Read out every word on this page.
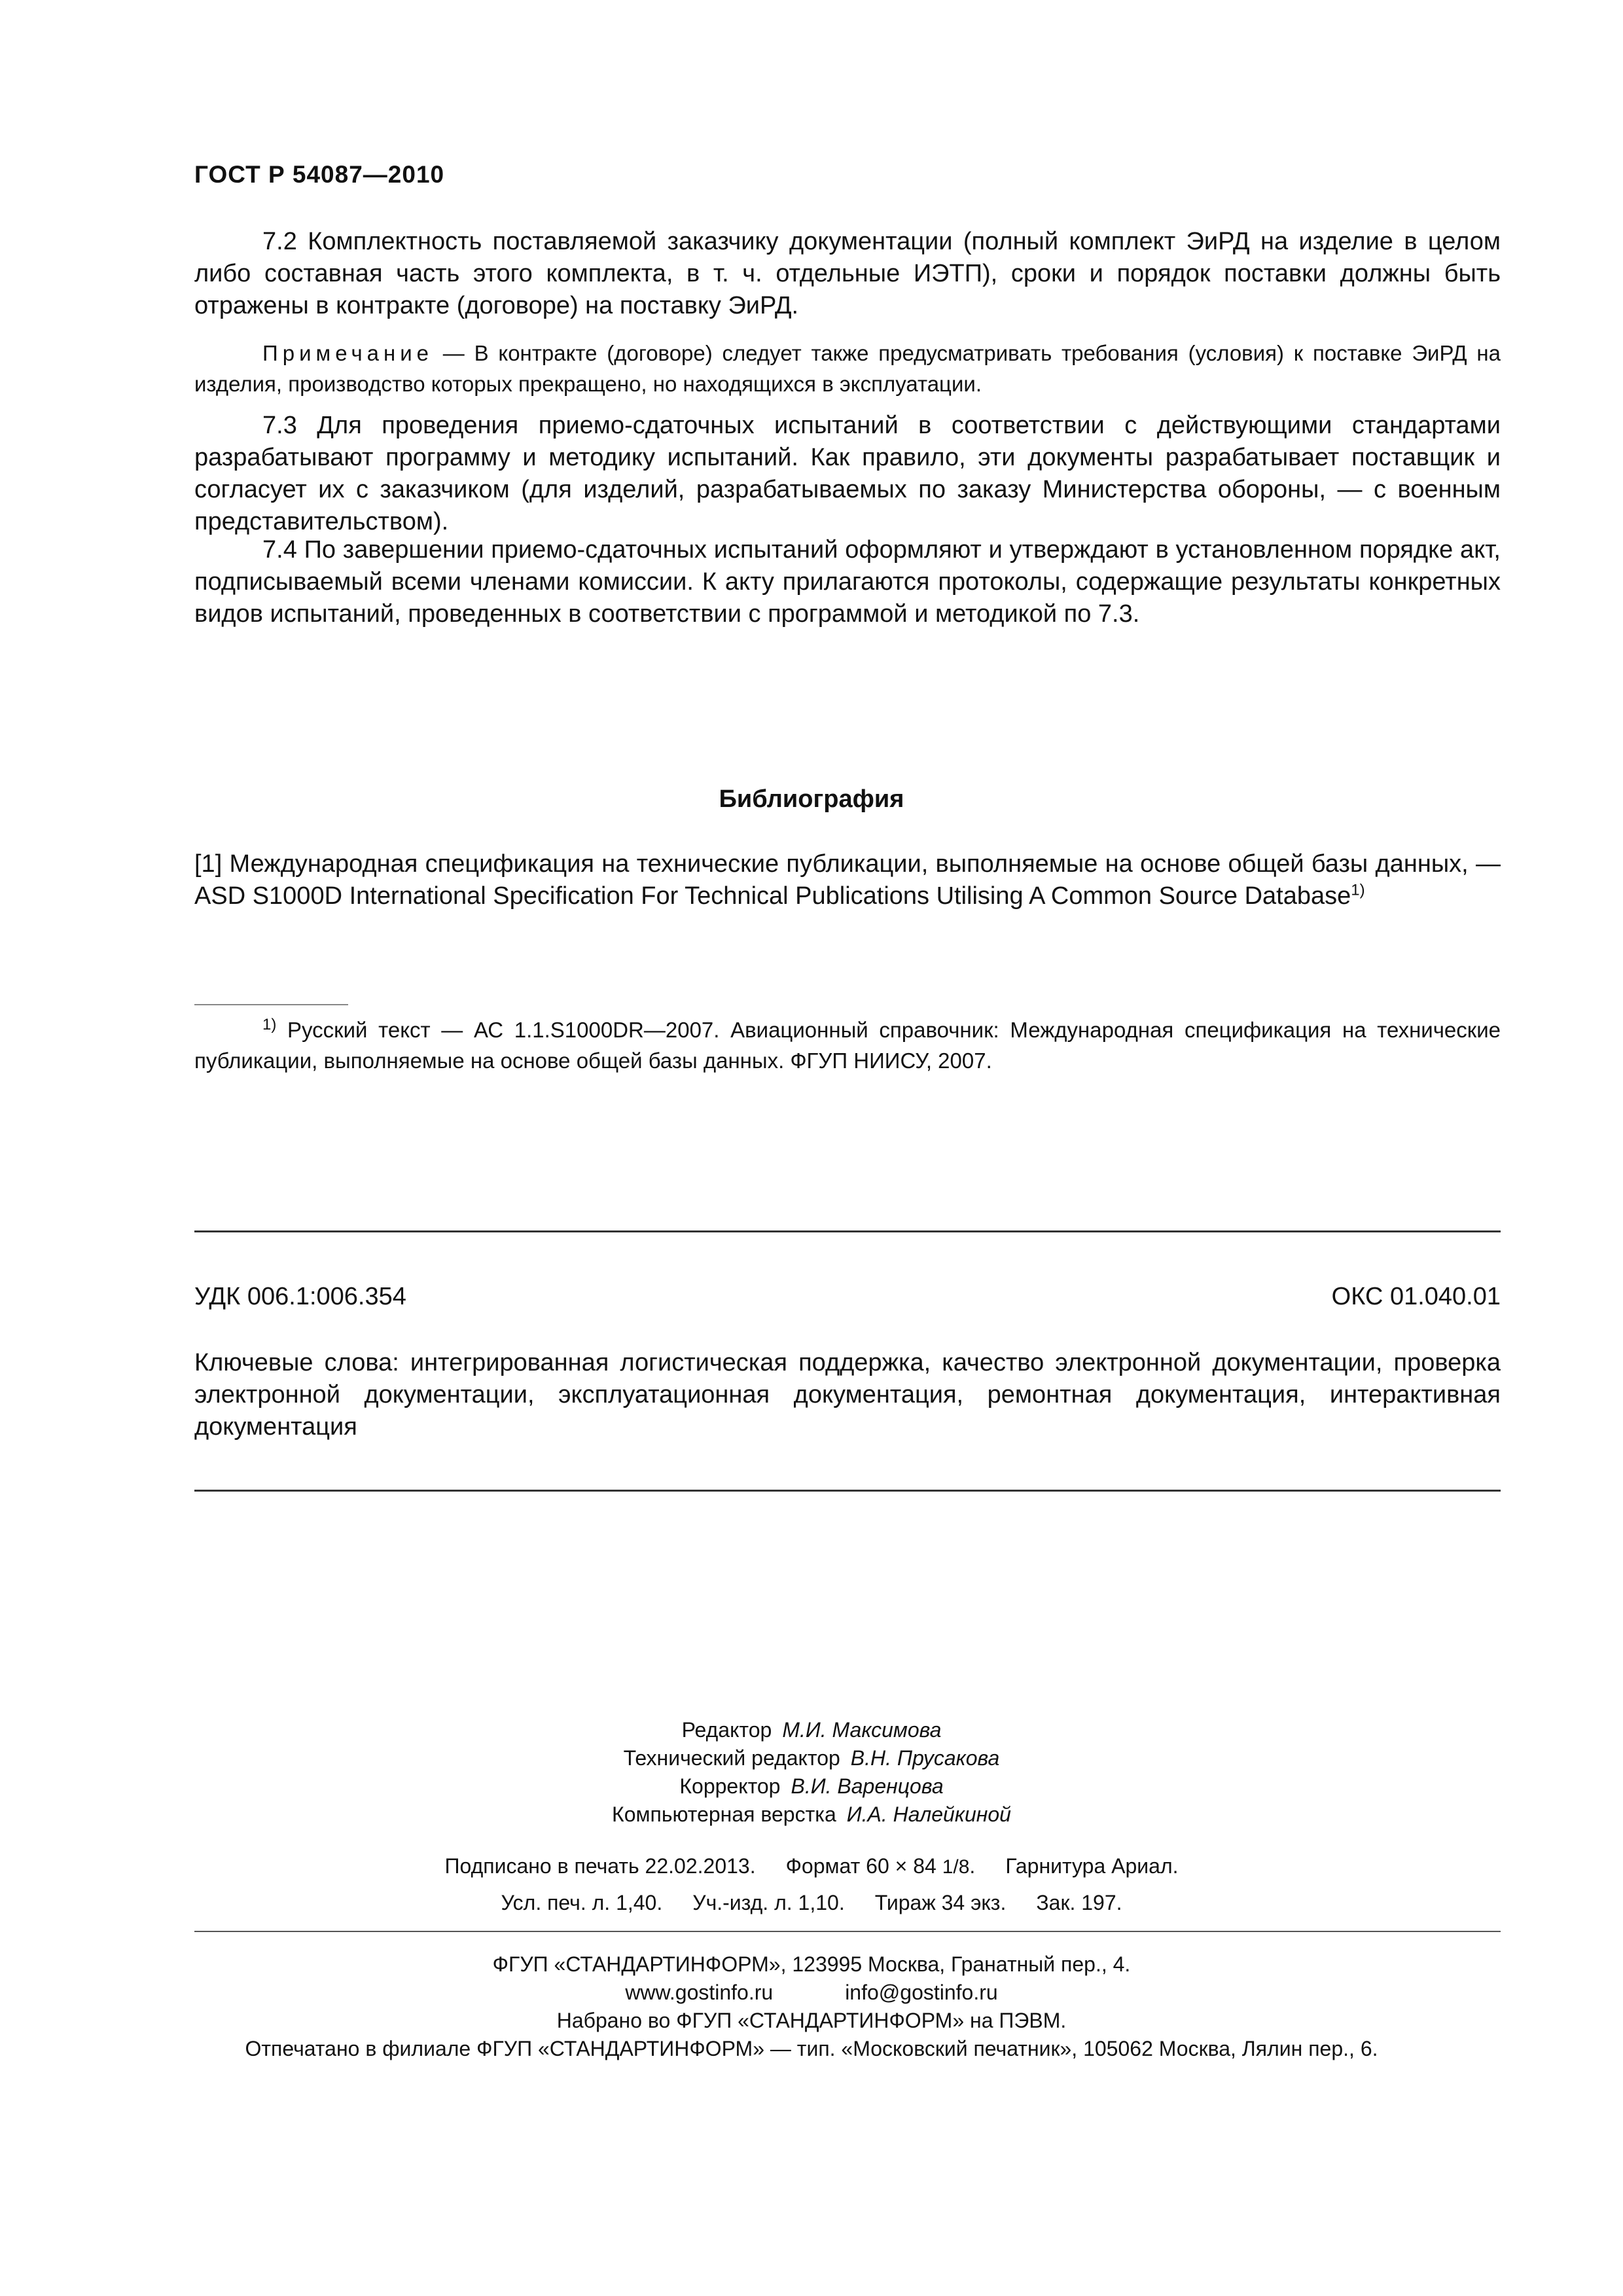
ГОСТ Р 54087—2010

7.2 Комплектность поставляемой заказчику документации (полный комплект ЭиРД на изделие в целом либо составная часть этого комплекта, в т. ч. отдельные ИЭТП), сроки и порядок поставки должны быть отражены в контракте (договоре) на поставку ЭиРД.

Примечание — В контракте (договоре) следует также предусматривать требования (условия) к поставке ЭиРД на изделия, производство которых прекращено, но находящихся в эксплуатации.

7.3 Для проведения приемо-сдаточных испытаний в соответствии с действующими стандартами разрабатывают программу и методику испытаний. Как правило, эти документы разрабатывает поставщик и согласует их с заказчиком (для изделий, разрабатываемых по заказу Министерства обороны, — с военным представительством).

7.4 По завершении приемо-сдаточных испытаний оформляют и утверждают в установленном порядке акт, подписываемый всеми членами комиссии. К акту прилагаются протоколы, содержащие результаты конкретных видов испытаний, проведенных в соответствии с программой и методикой по 7.3.

Библиография

[1] Международная спецификация на технические публикации, выполняемые на основе общей базы данных, — ASD S1000D International Specification For Technical Publications Utilising A Common Source Database$^{1)}$

$^{1)}$ Русский текст — АС 1.1.S1000DR—2007. Авиационный справочник: Международная спецификация на технические публикации, выполняемые на основе общей базы данных. ФГУП НИИСУ, 2007.

УДК 006.1:006.354	ОКС 01.040.01

Ключевые слова: интегрированная логистическая поддержка, качество электронной документации, проверка электронной документации, эксплуатационная документация, ремонтная документация, интерактивная документация

Редактор М.И. Максимова
Технический редактор В.Н. Прусакова
Корректор В.И. Варенцова
Компьютерная верстка И.А. Налейкиной
Подписано в печать 22.02.2013. Формат 60 × 84 1/8. Гарнитура Ариал.
Усл. печ. л. 1,40. Уч.-изд. л. 1,10. Тираж 34 экз. Зак. 197.
ФГУП «СТАНДАРТИНФОРМ», 123995 Москва, Гранатный пер., 4.
www.gostinfo.ru	info@gostinfo.ru
Набрано во ФГУП «СТАНДАРТИНФОРМ» на ПЭВМ.
Отпечатано в филиале ФГУП «СТАНДАРТИНФОРМ» — тип. «Московский печатник», 105062 Москва, Лялин пер., 6.
